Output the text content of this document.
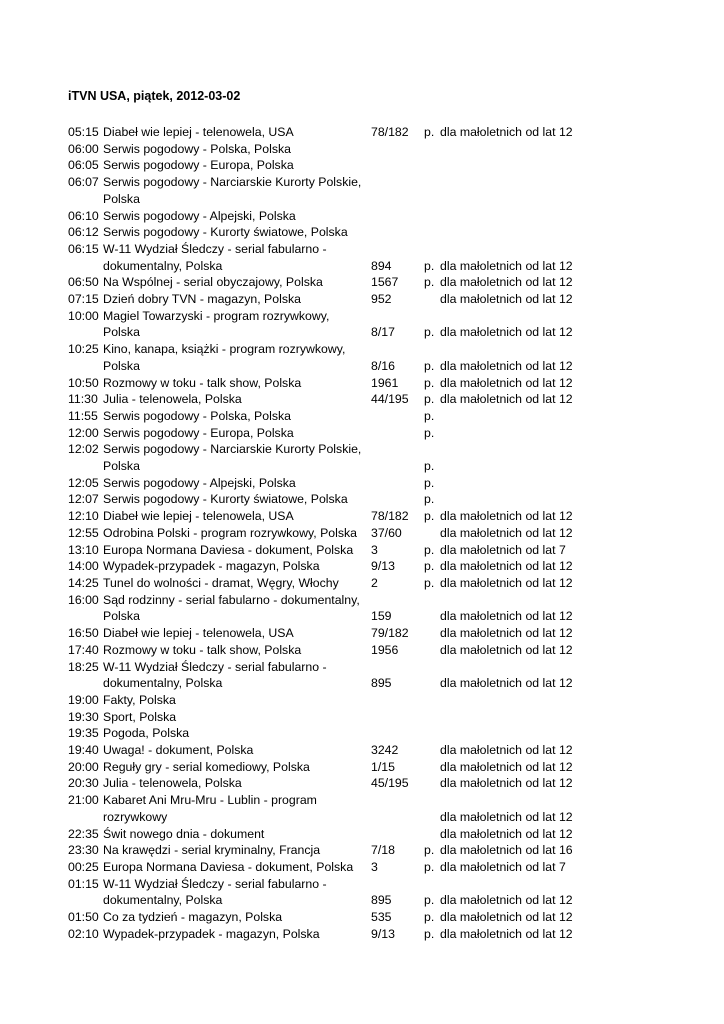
iTVN USA, piątek, 2012-03-02
05:15 Diabeł wie lepiej - telenowela, USA	78/182	p. dla małoletnich od lat 12
06:00 Serwis pogodowy - Polska, Polska
06:05 Serwis pogodowy - Europa, Polska
06:07 Serwis pogodowy - Narciarskie Kurorty Polskie,
Polska
06:10 Serwis pogodowy - Alpejski, Polska
06:12 Serwis pogodowy - Kurorty światowe, Polska
06:15 W-11 Wydział Śledczy - serial fabularno -
dokumentalny, Polska	894	p. dla małoletnich od lat 12
06:50 Na Wspólnej - serial obyczajowy, Polska	1567	p. dla małoletnich od lat 12
07:15 Dzień dobry TVN - magazyn, Polska	952	dla małoletnich od lat 12
10:00 Magiel Towarzyski - program rozrywkowy,
Polska	8/17	p. dla małoletnich od lat 12
10:25 Kino, kanapa, książki - program rozrywkowy,
Polska	8/16	p. dla małoletnich od lat 12
10:50 Rozmowy w toku - talk show, Polska	1961	p. dla małoletnich od lat 12
11:30 Julia - telenowela, Polska	44/195	p. dla małoletnich od lat 12
11:55 Serwis pogodowy - Polska, Polska	p.
12:00 Serwis pogodowy - Europa, Polska	p.
12:02 Serwis pogodowy - Narciarskie Kurorty Polskie,
Polska	p.
12:05 Serwis pogodowy - Alpejski, Polska	p.
12:07 Serwis pogodowy - Kurorty światowe, Polska	p.
12:10 Diabeł wie lepiej - telenowela, USA	78/182	p. dla małoletnich od lat 12
12:55 Odrobina Polski - program rozrywkowy, Polska	37/60	dla małoletnich od lat 12
13:10 Europa Normana Daviesa - dokument, Polska	3	p. dla małoletnich od lat 7
14:00 Wypadek-przypadek - magazyn, Polska	9/13	p. dla małoletnich od lat 12
14:25 Tunel do wolności - dramat, Węgry, Włochy	2	p. dla małoletnich od lat 12
16:00 Sąd rodzinny - serial fabularno - dokumentalny,
Polska	159	dla małoletnich od lat 12
16:50 Diabeł wie lepiej - telenowela, USA	79/182	dla małoletnich od lat 12
17:40 Rozmowy w toku - talk show, Polska	1956	dla małoletnich od lat 12
18:25 W-11 Wydział Śledczy - serial fabularno -
dokumentalny, Polska	895	dla małoletnich od lat 12
19:00 Fakty, Polska
19:30 Sport, Polska
19:35 Pogoda, Polska
19:40 Uwaga! - dokument, Polska	3242	dla małoletnich od lat 12
20:00 Reguły gry - serial komediowy, Polska	1/15	dla małoletnich od lat 12
20:30 Julia - telenowela, Polska	45/195	dla małoletnich od lat 12
21:00 Kabaret Ani Mru-Mru - Lublin - program
rozrywkowy	dla małoletnich od lat 12
22:35 Świt nowego dnia - dokument	dla małoletnich od lat 12
23:30 Na krawędzi - serial kryminalny, Francja	7/18	p. dla małoletnich od lat 16
00:25 Europa Normana Daviesa - dokument, Polska	3	p. dla małoletnich od lat 7
01:15 W-11 Wydział Śledczy - serial fabularno -
dokumentalny, Polska	895	p. dla małoletnich od lat 12
01:50 Co za tydzień - magazyn, Polska	535	p. dla małoletnich od lat 12
02:10 Wypadek-przypadek - magazyn, Polska	9/13	p. dla małoletnich od lat 12
